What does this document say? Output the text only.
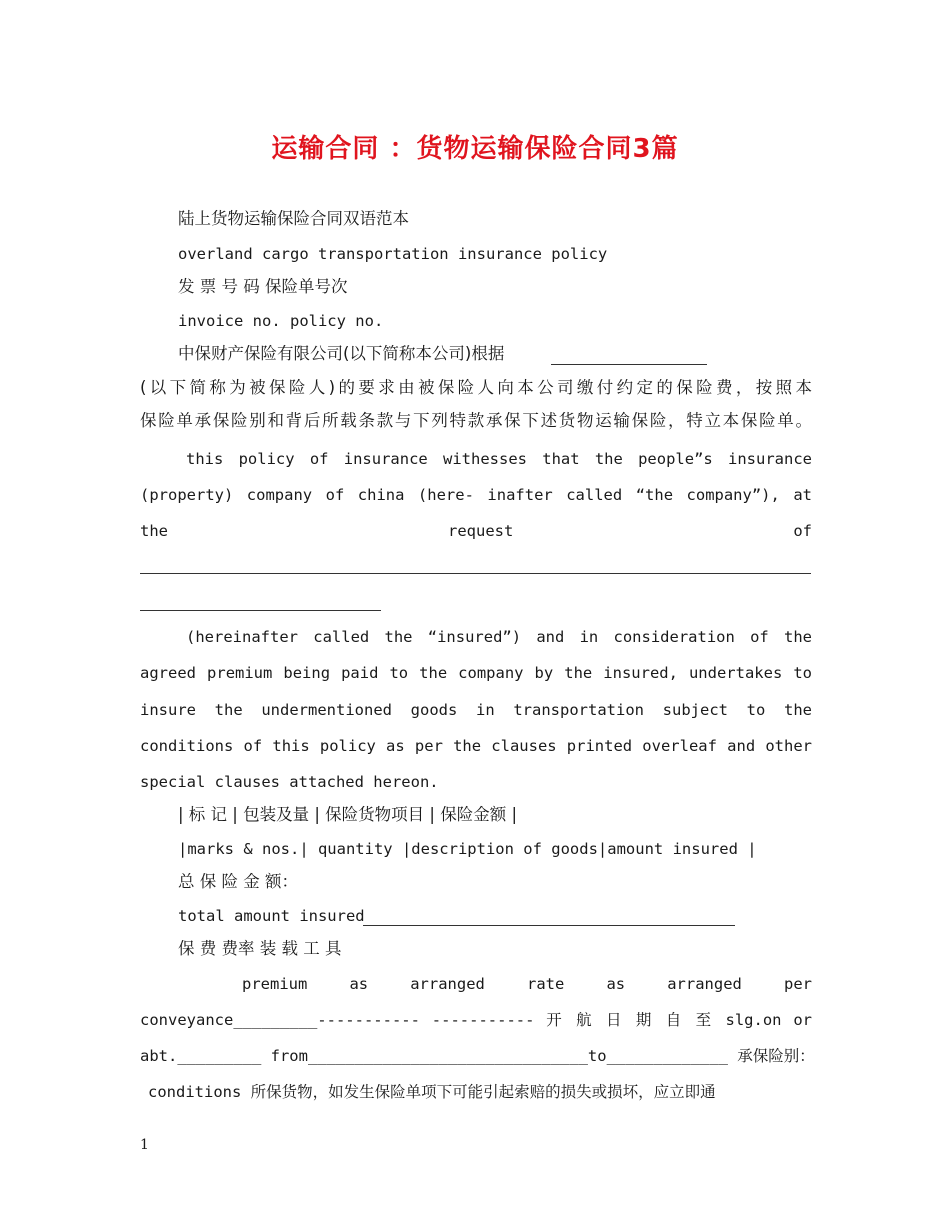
运输合同 ：货物运输保险合同3篇
陆上货物运输保险合同双语范本
overland cargo transportation insurance policy
发 票 号 码 保险单号次
invoice no. policy no.
中保财产保险有限公司(以下简称本公司)根据
(以下简称为被保险人)的要求由被保险人向本公司缴付约定的保险费，按照本
保险单承保险别和背后所载条款与下列特款承保下述货物运输保险，特立本保险单。
this policy of insurance withesses that the people”s insurance
(property) company of china (here- inafter called “the company”), at
the request of
(hereinafter called the “insured”) and in consideration of the
agreed premium being paid to the company by the insured, undertakes to
insure the undermentioned goods in transportation subject to the
conditions of this policy as per the clauses printed overleaf and other
special clauses attached hereon.
| 标 记 | 包装及量 | 保险货物项目 | 保险金额 |
|marks & nos.| quantity |description of goods|amount insured |
总 保 险 金 额：
total amount insured
保 费 费率 装 载 工 具
premium as arranged rate as arranged per
conveyance_________----------- ----------- 开 航 日 期 自 至 slg.on or
abt._________ from______________________________to_____________ 承保险别：
conditions 所保货物，如发生保险单项下可能引起索赔的损失或损坏，应立即通
1
